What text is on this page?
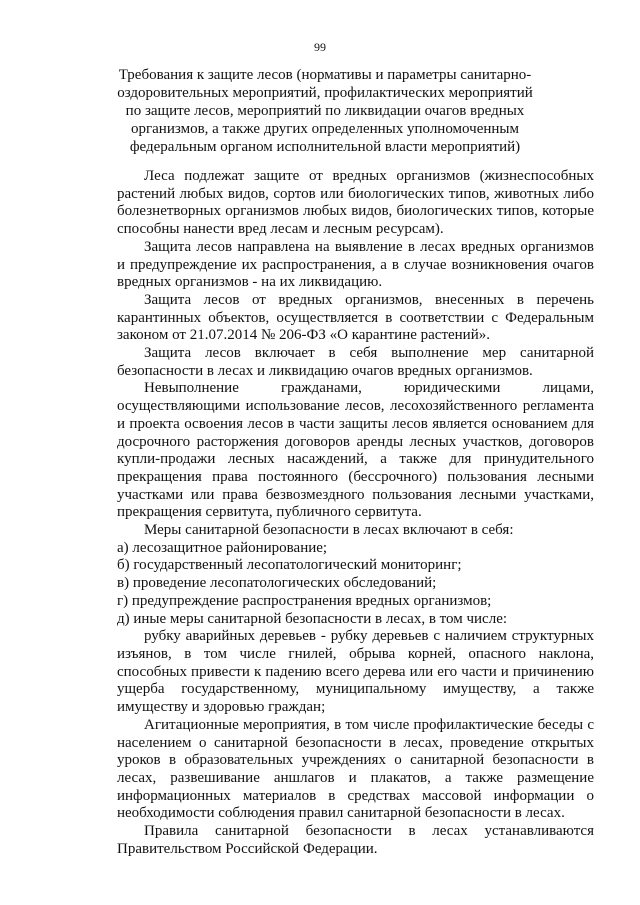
99
Требования к защите лесов (нормативы и параметры санитарно-оздоровительных мероприятий, профилактических мероприятий по защите лесов, мероприятий по ликвидации очагов вредных организмов, а также других определенных уполномоченным федеральным органом исполнительной власти мероприятий)

Леса подлежат защите от вредных организмов (жизнеспособных растений любых видов, сортов или биологических типов, животных либо болезнетворных организмов любых видов, биологических типов, которые способны нанести вред лесам и лесным ресурсам).

Защита лесов направлена на выявление в лесах вредных организмов и предупреждение их распространения, а в случае возникновения очагов вредных организмов - на их ликвидацию.

Защита лесов от вредных организмов, внесенных в перечень карантинных объектов, осуществляется в соответствии с Федеральным законом от 21.07.2014 № 206-ФЗ «О карантине растений».

Защита лесов включает в себя выполнение мер санитарной безопасности в лесах и ликвидацию очагов вредных организмов.

Невыполнение гражданами, юридическими лицами, осуществляющими использование лесов, лесохозяйственного регламента и проекта освоения лесов в части защиты лесов является основанием для досрочного расторжения договоров аренды лесных участков, договоров купли-продажи лесных насаждений, а также для принудительного прекращения права постоянного (бессрочного) пользования лесными участками или права безвозмездного пользования лесными участками, прекращения сервитута, публичного сервитута.

Меры санитарной безопасности в лесах включают в себя:

а) лесозащитное районирование;

б) государственный лесопатологический мониторинг;

в) проведение лесопатологических обследований;

г) предупреждение распространения вредных организмов;

д) иные меры санитарной безопасности в лесах, в том числе:

рубку аварийных деревьев - рубку деревьев с наличием структурных изъянов, в том числе гнилей, обрыва корней, опасного наклона, способных привести к падению всего дерева или его части и причинению ущерба государственному, муниципальному имуществу, а также имуществу и здоровью граждан;

Агитационные мероприятия, в том числе профилактические беседы с населением о санитарной безопасности в лесах, проведение открытых уроков в образовательных учреждениях о санитарной безопасности в лесах, развешивание аншлагов и плакатов, а также размещение информационных материалов в средствах массовой информации о необходимости соблюдения правил санитарной безопасности в лесах.

Правила санитарной безопасности в лесах устанавливаются Правительством Российской Федерации.
